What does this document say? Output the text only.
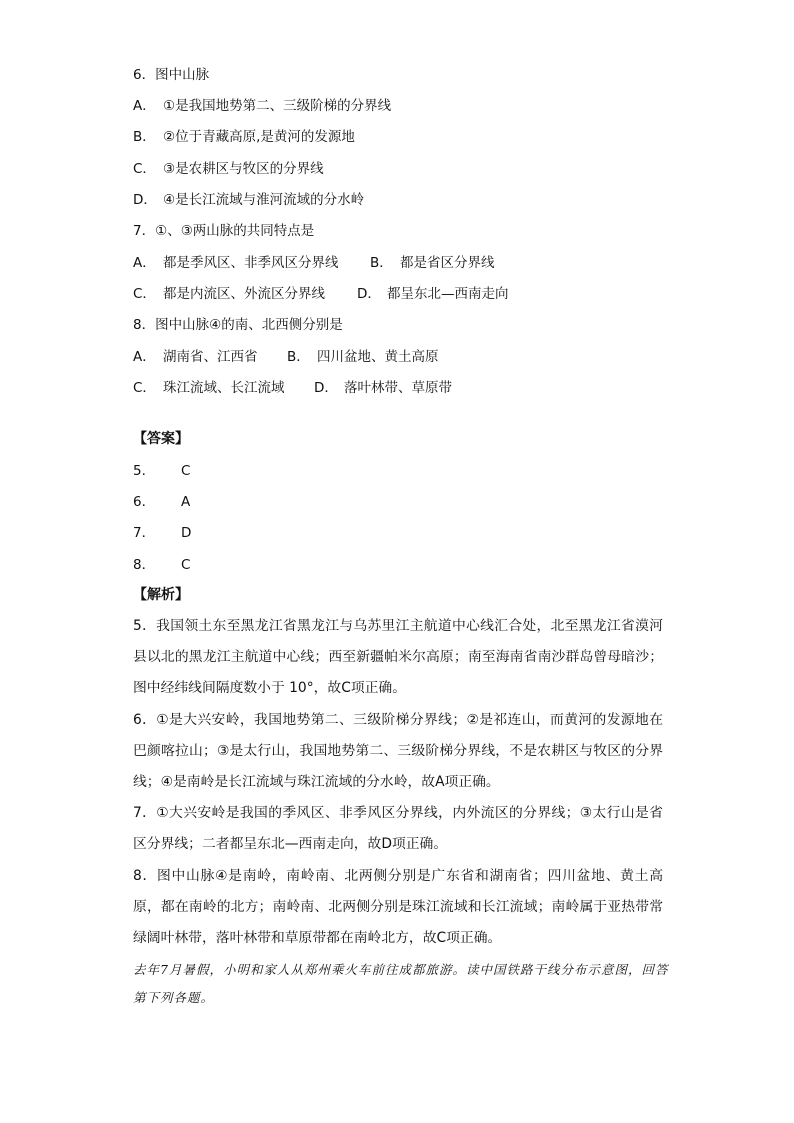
6．图中山脉
A． ①是我国地势第二、三级阶梯的分界线
B． ②位于青藏高原,是黄河的发源地
C． ③是农耕区与牧区的分界线
D． ④是长江流域与淮河流域的分水岭
7．①、③两山脉的共同特点是
A． 都是季风区、非季风区分界线 B． 都是省区分界线
C． 都是内流区、外流区分界线 D． 都呈东北—西南走向
8．图中山脉④的南、北西侧分别是
A． 湖南省、江西省 B． 四川盆地、黄土高原
C． 珠江流域、长江流域 D． 落叶林带、草原带
【答案】
5． C
6． A
7． D
8． C
【解析】
5．我国领土东至黑龙江省黑龙江与乌苏里江主航道中心线汇合处，北至黑龙江省漠河县以北的黑龙江主航道中心线；西至新疆帕米尔高原；南至海南省南沙群岛曾母暗沙；图中经纬线间隔度数小于 10°，故C项正确。
6．①是大兴安岭，我国地势第二、三级阶梯分界线；②是祁连山，而黄河的发源地在巴颜喀拉山；③是太行山，我国地势第二、三级阶梯分界线，不是农耕区与牧区的分界线；④是南岭是长江流域与珠江流域的分水岭，故A项正确。
7．①大兴安岭是我国的季风区、非季风区分界线，内外流区的分界线；③太行山是省区分界线；二者都呈东北—西南走向，故D项正确。
8．图中山脉④是南岭，南岭南、北两侧分别是广东省和湖南省；四川盆地、黄土高原，都在南岭的北方；南岭南、北两侧分别是珠江流域和长江流域；南岭属于亚热带常绿阔叶林带，落叶林带和草原带都在南岭北方，故C项正确。
去年7月暑假，小明和家人从郑州乘火车前往成都旅游。读中国铁路干线分布示意图，回答第下列各题。
